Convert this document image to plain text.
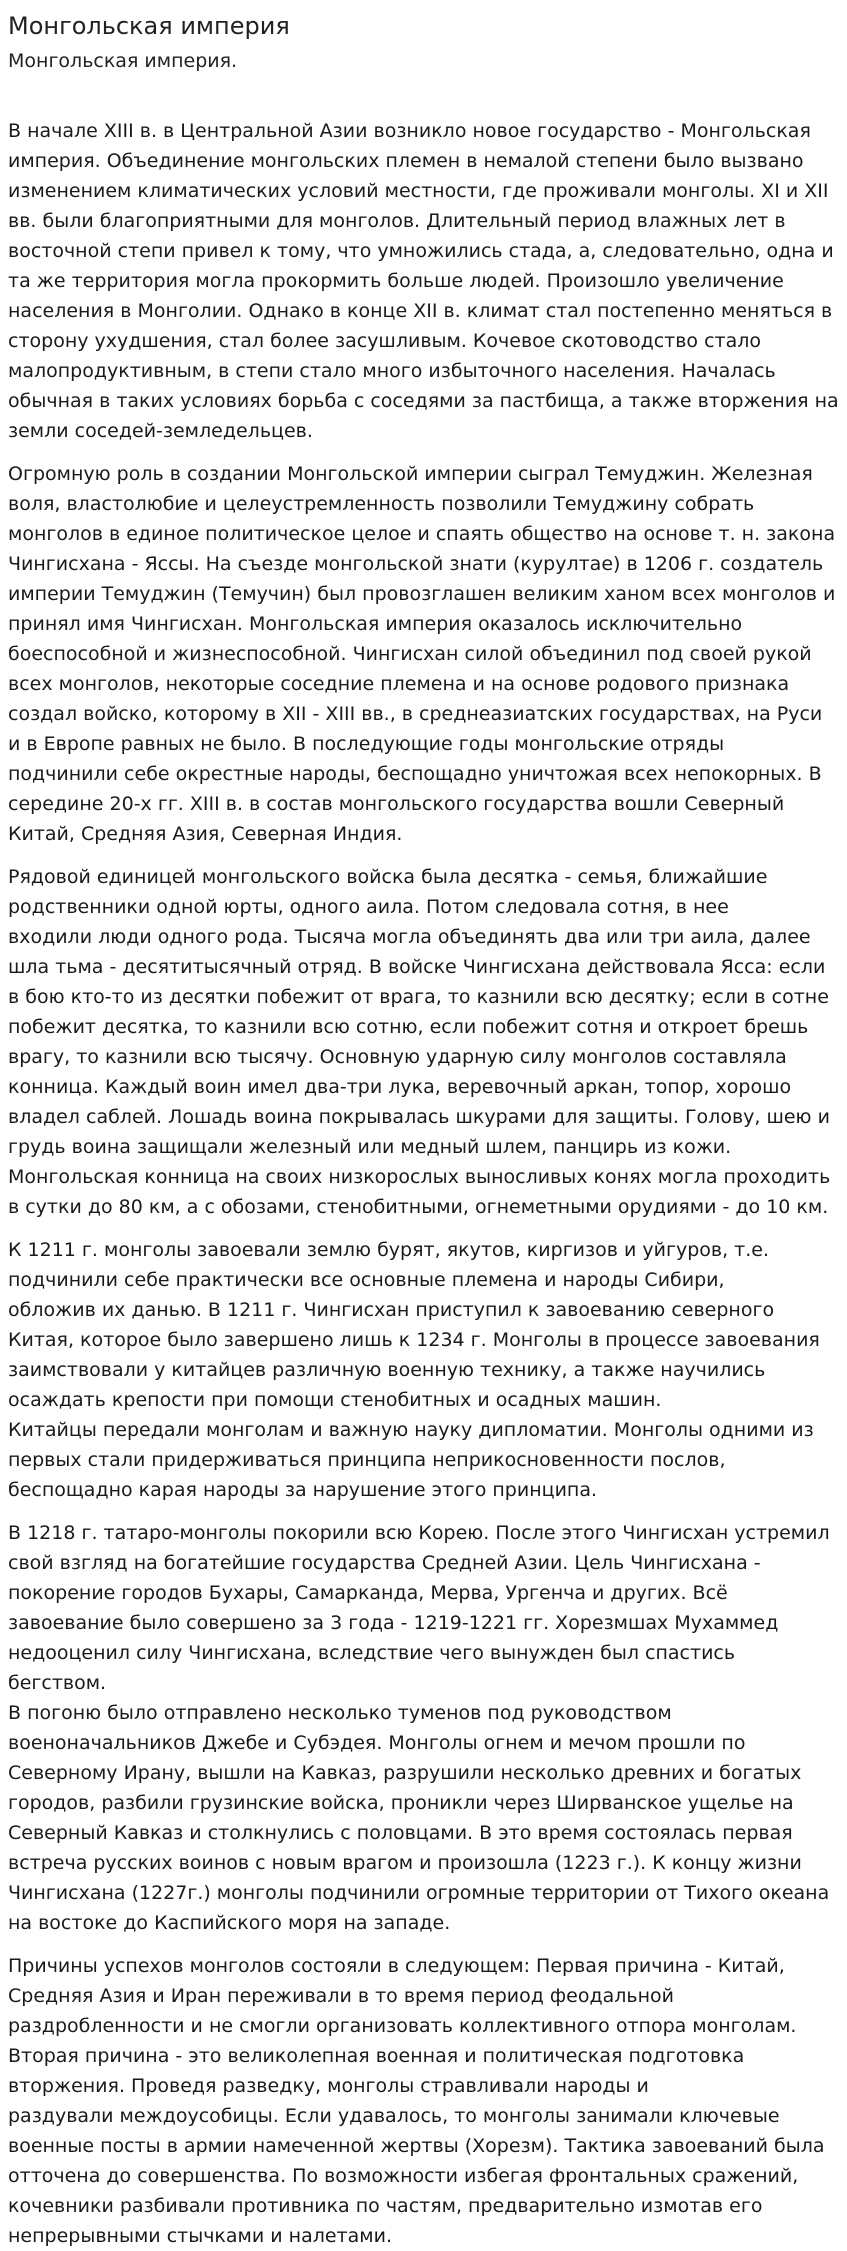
Монгольская империя
Монгольская империя.

В начале XIII в. в Центральной Азии возникло новое государство - Монгольская
империя. Объединение монгольских племен в немалой степени было вызвано
изменением климатических условий местности, где проживали монголы. XI и XII
вв. были благоприятными для монголов. Длительный период влажных лет в
восточной степи привел к тому, что умножились стада, а, следовательно, одна и
та же территория могла прокормить больше людей. Произошло увеличение
населения в Монголии. Однако в конце XII в. климат стал постепенно меняться в
сторону ухудшения, стал более засушливым. Кочевое скотоводство стало
малопродуктивным, в степи стало много избыточного населения. Началась
обычная в таких условиях борьба с соседями за пастбища, а также вторжения на
земли соседей-земледельцев.

Огромную роль в создании Монгольской империи сыграл Темуджин. Железная
воля, властолюбие и целеустремленность позволили Темуджину собрать
монголов в единое политическое целое и спаять общество на основе т. н. закона
Чингисхана - Яссы. На съезде монгольской знати (курултае) в 1206 г. создатель
империи Темуджин (Темучин) был провозглашен великим ханом всех монголов и
принял имя Чингисхан. Монгольская империя оказалось исключительно
боеспособной и жизнеспособной. Чингисхан силой объединил под своей рукой
всех монголов, некоторые соседние племена и на основе родового признака
создал войско, которому в XII - XIII вв., в среднеазиатских государствах, на Руси
и в Европе равных не было. В последующие годы монгольские отряды
подчинили себе окрестные народы, беспощадно уничтожая всех непокорных. В
середине 20-х гг. XIII в. в состав монгольского государства вошли Северный
Китай, Средняя Азия, Северная Индия.

Рядовой единицей монгольского войска была десятка - семья, ближайшие
родственники одной юрты, одного аила. Потом следовала сотня, в нее
входили люди одного рода. Тысяча могла объединять два или три аила, далее
шла тьма - десятитысячный отряд. В войске Чингисхана действовала Ясса: если
в бою кто-то из десятки побежит от врага, то казнили всю десятку; если в сотне
побежит десятка, то казнили всю сотню, если побежит сотня и откроет брешь
врагу, то казнили всю тысячу. Основную ударную силу монголов составляла
конница. Каждый воин имел два-три лука, веревочный аркан, топор, хорошо
владел саблей. Лошадь воина покрывалась шкурами для защиты. Голову, шею и
грудь воина защищали железный или медный шлем, панцирь из кожи.
Монгольская конница на своих низкорослых выносливых конях могла проходить
в сутки до 80 км, а с обозами, стенобитными, огнеметными орудиями - до 10 км.

К 1211 г. монголы завоевали землю бурят, якутов, киргизов и уйгуров, т.е.
подчинили себе практически все основные племена и народы Сибири,
обложив их данью. В 1211 г. Чингисхан приступил к завоеванию северного
Китая, которое было завершено лишь к 1234 г. Монголы в процессе завоевания
заимствовали у китайцев различную военную технику, а также научились
осаждать крепости при помощи стенобитных и осадных машин.
Китайцы передали монголам и важную науку дипломатии. Монголы одними из
первых стали придерживаться принципа неприкосновенности послов,
беспощадно карая народы за нарушение этого принципа.

В 1218 г. татаро-монголы покорили всю Корею. После этого Чингисхан устремил
свой взгляд на богатейшие государства Средней Азии. Цель Чингисхана -
покорение городов Бухары, Самарканда, Мерва, Ургенча и других. Всё
завоевание было совершено за 3 года - 1219-1221 гг. Хорезмшах Мухаммед
недооценил силу Чингисхана, вследствие чего вынужден был спастись бегством.
В погоню было отправлено несколько туменов под руководством
военоначальников Джебе и Субэдея. Монголы огнем и мечом прошли по
Северному Ирану, вышли на Кавказ, разрушили несколько древних и богатых
городов, разбили грузинские войска, проникли через Ширванское ущелье на
Северный Кавказ и столкнулись с половцами. В это время состоялась первая
встреча русских воинов с новым врагом и произошла (1223 г.). К концу жизни
Чингисхана (1227г.) монголы подчинили огромные территории от Тихого океана
на востоке до Каспийского моря на западе.

Причины успехов монголов состояли в следующем: Первая причина - Китай,
Средняя Азия и Иран переживали в то время период феодальной
раздробленности и не смогли организовать коллективного отпора монголам.
Вторая причина - это великолепная военная и политическая подготовка
вторжения. Проведя разведку, монголы стравливали народы и
раздували междоусобицы. Если удавалось, то монголы занимали ключевые
военные посты в армии намеченной жертвы (Хорезм). Тактика завоеваний была
отточена до совершенства. По возможности избегая фронтальных сражений,
кочевники разбивали противника по частям, предварительно измотав его
непрерывными стычками и налетами.
